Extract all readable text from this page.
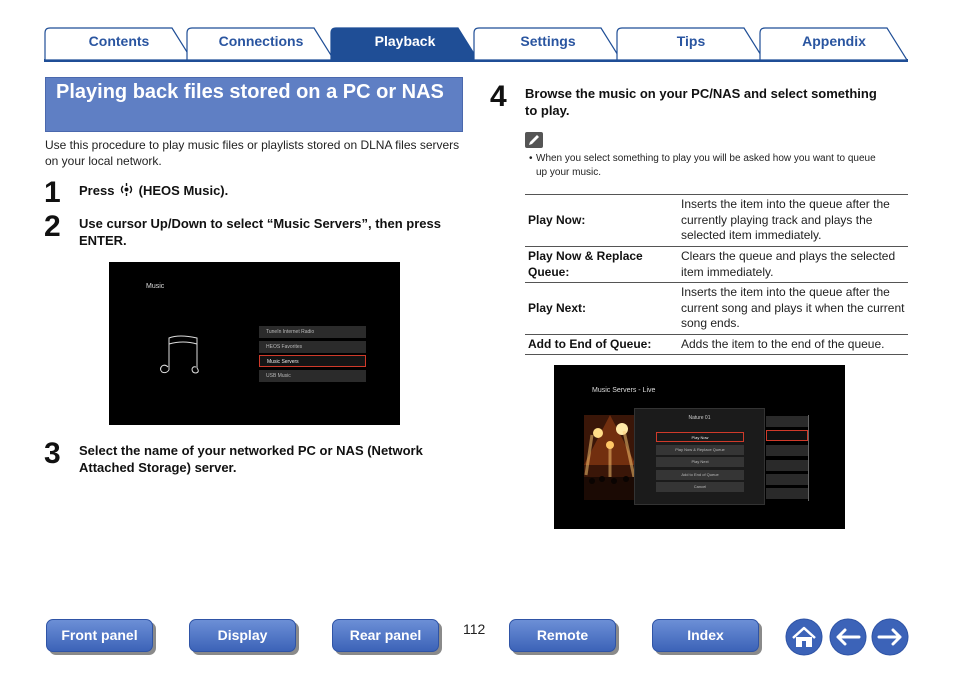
Contents	Connections	Playback	Settings	Tips	Appendix
Playing back files stored on a PC or NAS

Use this procedure to play music files or playlists stored on DLNA files servers on your local network.

1 Press (HEOS Music).
2 Use cursor Up/Down to select “Music Servers”, then press ENTER.
Music
TuneIn Internet Radio
HEOS Favorites
Music Servers
USB Music
3 Select the name of your networked PC or NAS (Network Attached Storage) server.
4 Browse the music on your PC/NAS and select something to play.

• When you select something to play you will be asked how you want to queue up your music.

Play Now:	Inserts the item into the queue after the currently playing track and plays the selected item immediately.
Play Now & Replace Queue:	Clears the queue and plays the selected item immediately.
Play Next:	Inserts the item into the queue after the current song and plays it when the current song ends.
Add to End of Queue:	Adds the item to the end of the queue.
Music Servers - Live
Nature 01
Play Now
Play Now & Replace Queue
Play Next
Add to End of Queue
Cancel
Front panel	Display	Rear panel	112	Remote	Index
